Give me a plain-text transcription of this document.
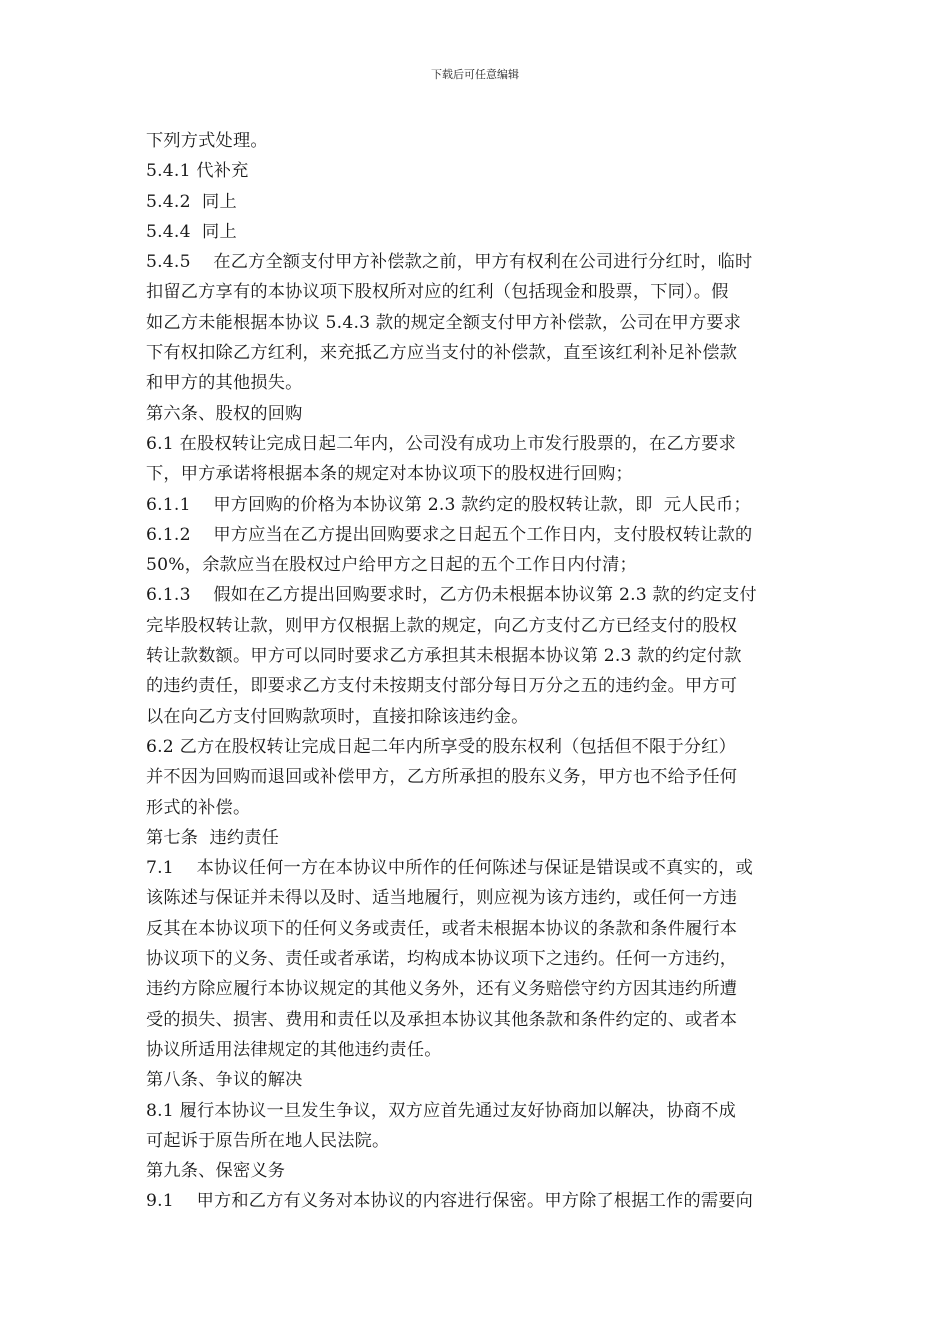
下载后可任意编辑
下列方式处理。
5.4.1 代补充
5.4.2  同上
5.4.4  同上
5.4.5    在乙方全额支付甲方补偿款之前，甲方有权利在公司进行分红时，临时
扣留乙方享有的本协议项下股权所对应的红利（包括现金和股票，下同）。假
如乙方未能根据本协议 5.4.3 款的规定全额支付甲方补偿款，公司在甲方要求
下有权扣除乙方红利，来充抵乙方应当支付的补偿款，直至该红利补足补偿款
和甲方的其他损失。
第六条、股权的回购
6.1 在股权转让完成日起二年内，公司没有成功上市发行股票的，在乙方要求
下，甲方承诺将根据本条的规定对本协议项下的股权进行回购；
6.1.1    甲方回购的价格为本协议第 2.3 款约定的股权转让款，即  元人民币；
6.1.2    甲方应当在乙方提出回购要求之日起五个工作日内，支付股权转让款的
50%，余款应当在股权过户给甲方之日起的五个工作日内付清；
6.1.3    假如在乙方提出回购要求时，乙方仍未根据本协议第 2.3 款的约定支付
完毕股权转让款，则甲方仅根据上款的规定，向乙方支付乙方已经支付的股权
转让款数额。甲方可以同时要求乙方承担其未根据本协议第 2.3 款的约定付款
的违约责任，即要求乙方支付未按期支付部分每日万分之五的违约金。甲方可
以在向乙方支付回购款项时，直接扣除该违约金。
6.2 乙方在股权转让完成日起二年内所享受的股东权利（包括但不限于分红）
并不因为回购而退回或补偿甲方，乙方所承担的股东义务，甲方也不给予任何
形式的补偿。
第七条  违约责任
7.1    本协议任何一方在本协议中所作的任何陈述与保证是错误或不真实的，或
该陈述与保证并未得以及时、适当地履行，则应视为该方违约，或任何一方违
反其在本协议项下的任何义务或责任，或者未根据本协议的条款和条件履行本
协议项下的义务、责任或者承诺，均构成本协议项下之违约。任何一方违约，
违约方除应履行本协议规定的其他义务外，还有义务赔偿守约方因其违约所遭
受的损失、损害、费用和责任以及承担本协议其他条款和条件约定的、或者本
协议所适用法律规定的其他违约责任。
第八条、争议的解决
8.1 履行本协议一旦发生争议，双方应首先通过友好协商加以解决，协商不成
可起诉于原告所在地人民法院。
第九条、保密义务
9.1    甲方和乙方有义务对本协议的内容进行保密。甲方除了根据工作的需要向
